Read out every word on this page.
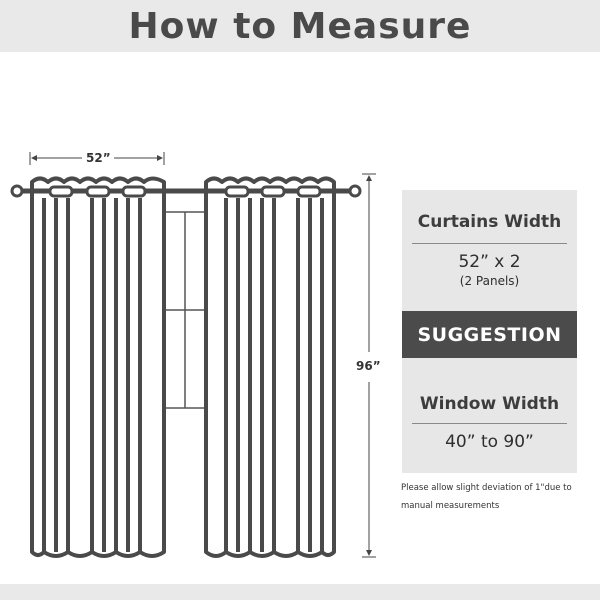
How to Measure
52”
96”
Curtains Width
52” x 2
(2 Panels)
Window Width
40” to 90”
SUGGESTION
Please allow slight deviation of 1"due to manual measurements
